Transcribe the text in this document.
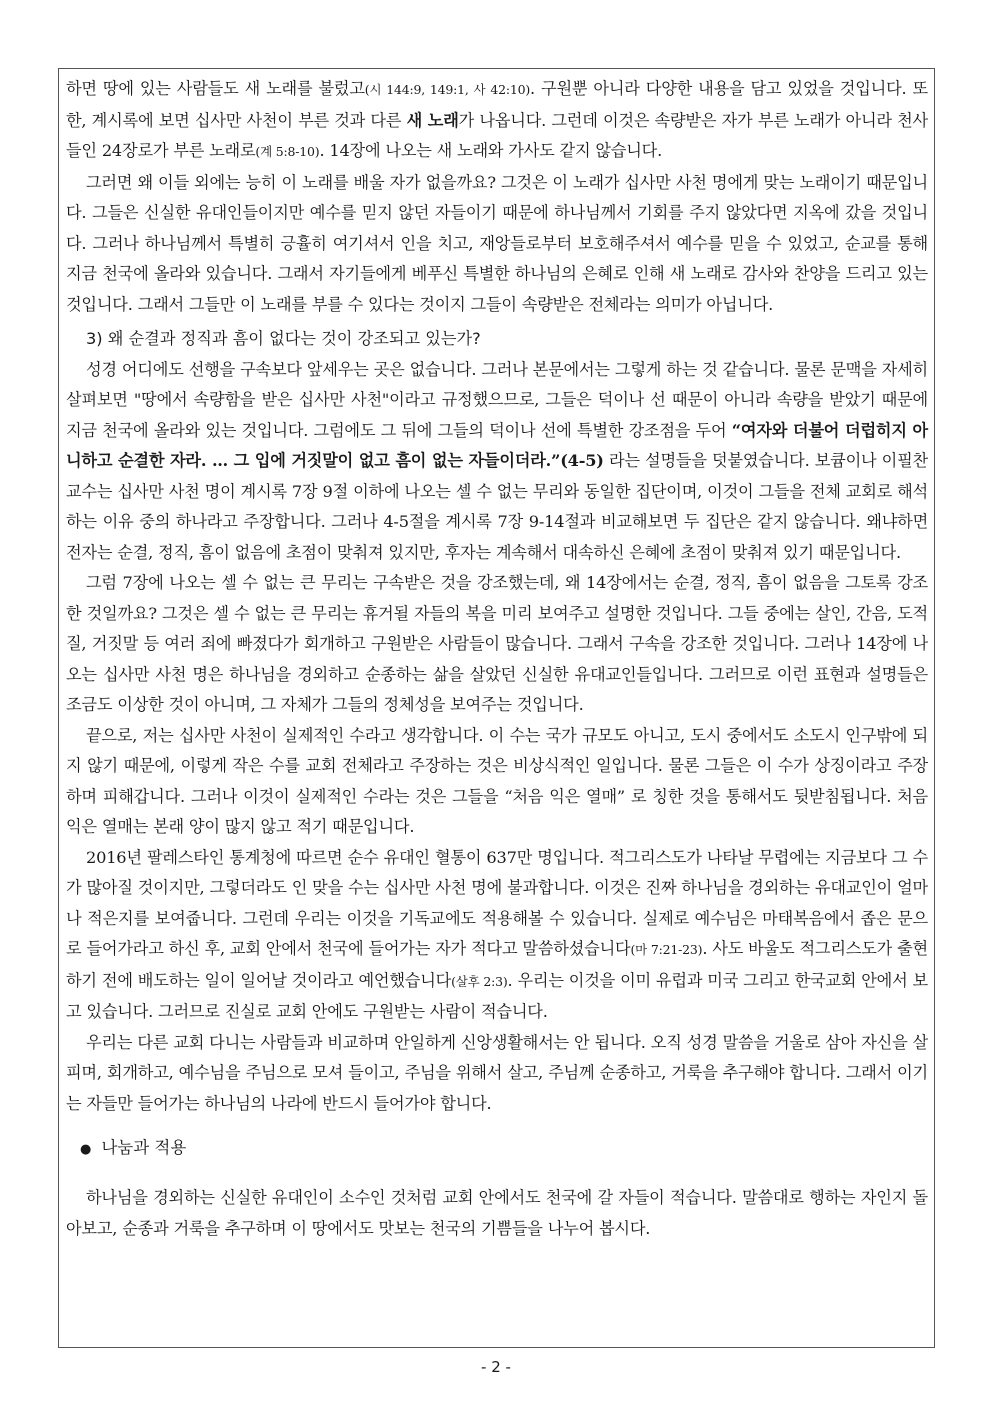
하면 땅에 있는 사람들도 새 노래를 불렀고(시 144:9, 149:1, 사 42:10). 구원뿐 아니라 다양한 내용을 담고 있었을 것입니다. 또한, 계시록에 보면 십사만 사천이 부른 것과 다른 새 노래가 나옵니다. 그런데 이것은 속량받은 자가 부른 노래가 아니라 천사들인 24장로가 부른 노래로(계 5:8-10). 14장에 나오는 새 노래와 가사도 같지 않습니다.

그러면 왜 이들 외에는 능히 이 노래를 배울 자가 없을까요? 그것은 이 노래가 십사만 사천 명에게 맞는 노래이기 때문입니다. 그들은 신실한 유대인들이지만 예수를 믿지 않던 자들이기 때문에 하나님께서 기회를 주지 않았다면 지옥에 갔을 것입니다. 그러나 하나님께서 특별히 긍휼히 여기셔서 인을 치고, 재앙들로부터 보호해주셔서 예수를 믿을 수 있었고, 순교를 통해 지금 천국에 올라와 있습니다. 그래서 자기들에게 베푸신 특별한 하나님의 은혜로 인해 새 노래로 감사와 찬양을 드리고 있는 것입니다. 그래서 그들만 이 노래를 부를 수 있다는 것이지 그들이 속량받은 전체라는 의미가 아닙니다.

3) 왜 순결과 정직과 흠이 없다는 것이 강조되고 있는가?

성경 어디에도 선행을 구속보다 앞세우는 곳은 없습니다. 그러나 본문에서는 그렇게 하는 것 같습니다. 물론 문맥을 자세히 살펴보면 "땅에서 속량함을 받은 십사만 사천"이라고 규정했으므로, 그들은 덕이나 선 때문이 아니라 속량을 받았기 때문에 지금 천국에 올라와 있는 것입니다. 그럼에도 그 뒤에 그들의 덕이나 선에 특별한 강조점을 두어 “여자와 더불어 더럽히지 아니하고 순결한 자라. … 그 입에 거짓말이 없고 흠이 없는 자들이더라.”(4-5) 라는 설명들을 덧붙였습니다. 보큠이나 이필찬 교수는 십사만 사천 명이 계시록 7장 9절 이하에 나오는 셀 수 없는 무리와 동일한 집단이며, 이것이 그들을 전체 교회로 해석하는 이유 중의 하나라고 주장합니다. 그러나 4-5절을 계시록 7장 9-14절과 비교해보면 두 집단은 같지 않습니다. 왜냐하면 전자는 순결, 정직, 흠이 없음에 초점이 맞춰져 있지만, 후자는 계속해서 대속하신 은혜에 초점이 맞춰져 있기 때문입니다.

그럼 7장에 나오는 셀 수 없는 큰 무리는 구속받은 것을 강조했는데, 왜 14장에서는 순결, 정직, 흠이 없음을 그토록 강조한 것일까요? 그것은 셀 수 없는 큰 무리는 휴거될 자들의 복을 미리 보여주고 설명한 것입니다. 그들 중에는 살인, 간음, 도적질, 거짓말 등 여러 죄에 빠졌다가 회개하고 구원받은 사람들이 많습니다. 그래서 구속을 강조한 것입니다. 그러나 14장에 나오는 십사만 사천 명은 하나님을 경외하고 순종하는 삶을 살았던 신실한 유대교인들입니다. 그러므로 이런 표현과 설명들은 조금도 이상한 것이 아니며, 그 자체가 그들의 정체성을 보여주는 것입니다.

끝으로, 저는 십사만 사천이 실제적인 수라고 생각합니다. 이 수는 국가 규모도 아니고, 도시 중에서도 소도시 인구밖에 되지 않기 때문에, 이렇게 작은 수를 교회 전체라고 주장하는 것은 비상식적인 일입니다. 물론 그들은 이 수가 상징이라고 주장하며 피해갑니다. 그러나 이것이 실제적인 수라는 것은 그들을 “처음 익은 열매” 로 칭한 것을 통해서도 뒷받침됩니다. 처음 익은 열매는 본래 양이 많지 않고 적기 때문입니다.

2016년 팔레스타인 통계청에 따르면 순수 유대인 혈통이 637만 명입니다. 적그리스도가 나타날 무렵에는 지금보다 그 수가 많아질 것이지만, 그렇더라도 인 맞을 수는 십사만 사천 명에 불과합니다. 이것은 진짜 하나님을 경외하는 유대교인이 얼마나 적은지를 보여줍니다. 그런데 우리는 이것을 기독교에도 적용해볼 수 있습니다. 실제로 예수님은 마태복음에서 좁은 문으로 들어가라고 하신 후, 교회 안에서 천국에 들어가는 자가 적다고 말씀하셨습니다(마 7:21-23). 사도 바울도 적그리스도가 출현하기 전에 배도하는 일이 일어날 것이라고 예언했습니다(살후 2:3). 우리는 이것을 이미 유럽과 미국 그리고 한국교회 안에서 보고 있습니다. 그러므로 진실로 교회 안에도 구원받는 사람이 적습니다.

우리는 다른 교회 다니는 사람들과 비교하며 안일하게 신앙생활해서는 안 됩니다. 오직 성경 말씀을 거울로 삼아 자신을 살피며, 회개하고, 예수님을 주님으로 모셔 들이고, 주님을 위해서 살고, 주님께 순종하고, 거룩을 추구해야 합니다. 그래서 이기는 자들만 들어가는 하나님의 나라에 반드시 들어가야 합니다.

● 나눔과 적용

하나님을 경외하는 신실한 유대인이 소수인 것처럼 교회 안에서도 천국에 갈 자들이 적습니다. 말씀대로 행하는 자인지 돌아보고, 순종과 거룩을 추구하며 이 땅에서도 맛보는 천국의 기쁨들을 나누어 봅시다.

- 2 -
